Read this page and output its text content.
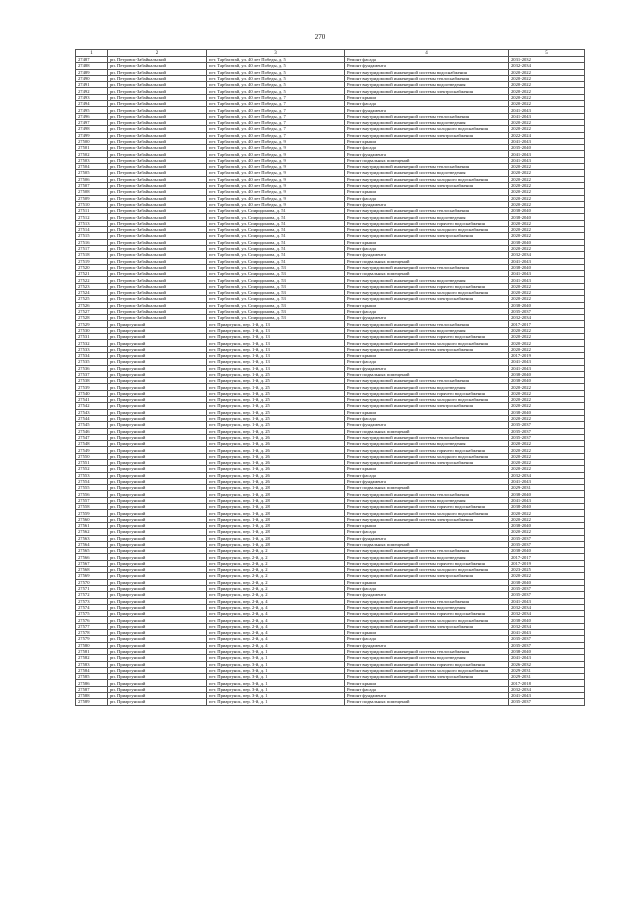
270
1	2	3	4	5
27487	рп. Петровск-Забайкальский	пгт. Тарбагатай, ул. 40 лет Победы, д. 5	Ремонт фасада	2031-2032
27488	рп. Петровск-Забайкальский	пгт. Тарбагатай, ул. 40 лет Победы, д. 5	Ремонт фундамента	2032-2034
27489	рп. Петровск-Забайкальский	пгт. Тарбагатай, ул. 40 лет Победы, д. 5	Ремонт внутридомовой инженерной системы водоснабжения	2020-2022
27490	рп. Петровск-Забайкальский	пгт. Тарбагатай, ул. 40 лет Победы, д. 5	Ремонт внутридомовой инженерной системы теплоснабжения	2020-2022
27491	рп. Петровск-Забайкальский	пгт. Тарбагатай, ул. 40 лет Победы, д. 5	Ремонт внутридомовой инженерной системы водоотведения	2020-2022
27492	рп. Петровск-Забайкальский	пгт. Тарбагатай, ул. 40 лет Победы, д. 5	Ремонт внутридомовой инженерной системы электроснабжения	2020-2022
27493	рп. Петровск-Забайкальский	пгт. Тарбагатай, ул. 40 лет Победы, д. 7	Ремонт крыши	2020-2022
27494	рп. Петровск-Забайкальский	пгт. Тарбагатай, ул. 40 лет Победы, д. 7	Ремонт фасада	2020-2022
27495	рп. Петровск-Забайкальский	пгт. Тарбагатай, ул. 40 лет Победы, д. 7	Ремонт фундамента	2041-2043
27496	рп. Петровск-Забайкальский	пгт. Тарбагатай, ул. 40 лет Победы, д. 7	Ремонт внутридомовой инженерной системы теплоснабжения	2041-2043
27497	рп. Петровск-Забайкальский	пгт. Тарбагатай, ул. 40 лет Победы, д. 7	Ремонт внутридомовой инженерной системы водоотведения	2020-2022
27498	рп. Петровск-Забайкальский	пгт. Тарбагатай, ул. 40 лет Победы, д. 7	Ремонт внутридомовой инженерной системы холодного водоснабжения	2020-2022
27499	рп. Петровск-Забайкальский	пгт. Тарбагатай, ул. 40 лет Победы, д. 7	Ремонт внутридомовой инженерной системы электроснабжения	2022-2024
27500	рп. Петровск-Забайкальский	пгт. Тарбагатай, ул. 40 лет Победы, д. 9	Ремонт крыши	2041-2043
27501	рп. Петровск-Забайкальский	пгт. Тарбагатай, ул. 40 лет Победы, д. 9	Ремонт фасада	2035-2040
27502	рп. Петровск-Забайкальский	пгт. Тарбагатай, ул. 40 лет Победы, д. 9	Ремонт фундамента	2041-2043
27503	рп. Петровск-Забайкальский	пгт. Тарбагатай, ул. 40 лет Победы, д. 9	Ремонт подвальных помещений	2041-2043
27504	рп. Петровск-Забайкальский	пгт. Тарбагатай, ул. 40 лет Победы, д. 9	Ремонт внутридомовой инженерной системы теплоснабжения	2020-2022
27505	рп. Петровск-Забайкальский	пгт. Тарбагатай, ул. 40 лет Победы, д. 9	Ремонт внутридомовой инженерной системы водоотведения	2020-2022
27506	рп. Петровск-Забайкальский	пгт. Тарбагатай, ул. 40 лет Победы, д. 9	Ремонт внутридомовой инженерной системы холодного водоснабжения	2020-2022
27507	рп. Петровск-Забайкальский	пгт. Тарбагатай, ул. 40 лет Победы, д. 9	Ремонт внутридомовой инженерной системы электроснабжения	2020-2022
27508	рп. Петровск-Забайкальский	пгт. Тарбагатай, ул. 40 лет Победы, д. 9	Ремонт крыши	2020-2022
27509	рп. Петровск-Забайкальский	пгт. Тарбагатай, ул. 40 лет Победы, д. 9	Ремонт фасада	2020-2022
27510	рп. Петровск-Забайкальский	пгт. Тарбагатай, ул. 40 лет Победы, д. 9	Ремонт фундамента	2020-2022
27511	рп. Петровск-Забайкальский	пгт. Тарбагатай, ул. Спиридонова, д. 51	Ремонт внутридомовой инженерной системы теплоснабжения	2038-2040
27512	рп. Петровск-Забайкальский	пгт. Тарбагатай, ул. Спиридонова, д. 51	Ремонт внутридомовой инженерной системы водоотведения	2038-2040
27513	рп. Петровск-Забайкальский	пгт. Тарбагатай, ул. Спиридонова, д. 51	Ремонт внутридомовой инженерной системы горячего водоснабжения	2020-2022
27514	рп. Петровск-Забайкальский	пгт. Тарбагатай, ул. Спиридонова, д. 51	Ремонт внутридомовой инженерной системы холодного водоснабжения	2020-2022
27515	рп. Петровск-Забайкальский	пгт. Тарбагатай, ул. Спиридонова, д. 51	Ремонт внутридомовой инженерной системы электроснабжения	2020-2022
27516	рп. Петровск-Забайкальский	пгт. Тарбагатай, ул. Спиридонова, д. 51	Ремонт крыши	2038-2040
27517	рп. Петровск-Забайкальский	пгт. Тарбагатай, ул. Спиридонова, д. 51	Ремонт фасада	2020-2022
27518	рп. Петровск-Забайкальский	пгт. Тарбагатай, ул. Спиридонова, д. 51	Ремонт фундамента	2032-2034
27519	рп. Петровск-Забайкальский	пгт. Тарбагатай, ул. Спиридонова, д. 51	Ремонт подвальных помещений	2041-2043
27520	рп. Петровск-Забайкальский	пгт. Тарбагатай, ул. Спиридонова, д. 53	Ремонт внутридомовой инженерной системы теплоснабжения	2038-2040
27521	рп. Петровск-Забайкальский	пгт. Тарбагатай, ул. Спиридонова, д. 53	Ремонт подвальных помещений	2041-2043
27522	рп. Петровск-Забайкальский	пгт. Тарбагатай, ул. Спиридонова, д. 53	Ремонт внутридомовой инженерной системы водоотведения	2041-2043
27523	рп. Петровск-Забайкальский	пгт. Тарбагатай, ул. Спиридонова, д. 53	Ремонт внутридомовой инженерной системы горячего водоснабжения	2020-2022
27524	рп. Петровск-Забайкальский	пгт. Тарбагатай, ул. Спиридонова, д. 53	Ремонт внутридомовой инженерной системы холодного водоснабжения	2020-2022
27525	рп. Петровск-Забайкальский	пгт. Тарбагатай, ул. Спиридонова, д. 53	Ремонт внутридомовой инженерной системы электроснабжения	2020-2022
27526	рп. Петровск-Забайкальский	пгт. Тарбагатай, ул. Спиридонова, д. 53	Ремонт крыши	2038-2040
27527	рп. Петровск-Забайкальский	пгт. Тарбагатай, ул. Спиридонова, д. 53	Ремонт фасада	2035-2037
27528	рп. Петровск-Забайкальский	пгт. Тарбагатай, ул. Спиридонова, д. 53	Ремонт фундамента	2032-2034
27529	рп. Приаргунский	пгт. Приаргунск, пер. 1-й, д. 13	Ремонт внутридомовой инженерной системы теплоснабжения	2017-2017
27530	рп. Приаргунский	пгт. Приаргунск, пер. 1-й, д. 13	Ремонт внутридомовой инженерной системы водоотведения	2020-2022
27531	рп. Приаргунский	пгт. Приаргунск, пер. 1-й, д. 13	Ремонт внутридомовой инженерной системы горячего водоснабжения	2020-2022
27532	рп. Приаргунский	пгт. Приаргунск, пер. 1-й, д. 13	Ремонт внутридомовой инженерной системы холодного водоснабжения	2020-2022
27533	рп. Приаргунский	пгт. Приаргунск, пер. 1-й, д. 13	Ремонт внутридомовой инженерной системы электроснабжения	2020-2022
27534	рп. Приаргунский	пгт. Приаргунск, пер. 1-й, д. 13	Ремонт крыши	2017-2019
27535	рп. Приаргунский	пгт. Приаргунск, пер. 1-й, д. 13	Ремонт фасада	2041-2043
27536	рп. Приаргунский	пгт. Приаргунск, пер. 1-й, д. 13	Ремонт фундамента	2041-2043
27537	рп. Приаргунский	пгт. Приаргунск, пер. 1-й, д. 25	Ремонт подвальных помещений	2038-2040
27538	рп. Приаргунский	пгт. Приаргунск, пер. 1-й, д. 25	Ремонт внутридомовой инженерной системы теплоснабжения	2038-2040
27539	рп. Приаргунский	пгт. Приаргунск, пер. 1-й, д. 25	Ремонт внутридомовой инженерной системы водоотведения	2020-2022
27540	рп. Приаргунский	пгт. Приаргунск, пер. 1-й, д. 25	Ремонт внутридомовой инженерной системы горячего водоснабжения	2020-2022
27541	рп. Приаргунский	пгт. Приаргунск, пер. 1-й, д. 25	Ремонт внутридомовой инженерной системы холодного водоснабжения	2020-2022
27542	рп. Приаргунский	пгт. Приаргунск, пер. 1-й, д. 25	Ремонт внутридомовой инженерной системы электроснабжения	2020-2022
27543	рп. Приаргунский	пгт. Приаргунск, пер. 1-й, д. 25	Ремонт крыши	2038-2040
27544	рп. Приаргунский	пгт. Приаргунск, пер. 1-й, д. 25	Ремонт фасада	2020-2022
27545	рп. Приаргунский	пгт. Приаргунск, пер. 1-й, д. 25	Ремонт фундамента	2035-2037
27546	рп. Приаргунский	пгт. Приаргунск, пер. 1-й, д. 25	Ремонт подвальных помещений	2035-2037
27547	рп. Приаргунский	пгт. Приаргунск, пер. 1-й, д. 26	Ремонт внутридомовой инженерной системы теплоснабжения	2035-2037
27548	рп. Приаргунский	пгт. Приаргунск, пер. 1-й, д. 26	Ремонт внутридомовой инженерной системы водоотведения	2020-2022
27549	рп. Приаргунский	пгт. Приаргунск, пер. 1-й, д. 26	Ремонт внутридомовой инженерной системы горячего водоснабжения	2020-2022
27550	рп. Приаргунский	пгт. Приаргунск, пер. 1-й, д. 26	Ремонт внутридомовой инженерной системы холодного водоснабжения	2020-2022
27551	рп. Приаргунский	пгт. Приаргунск, пер. 1-й, д. 26	Ремонт внутридомовой инженерной системы электроснабжения	2020-2022
27552	рп. Приаргунский	пгт. Приаргунск, пер. 1-й, д. 26	Ремонт крыши	2020-2022
27553	рп. Приаргунский	пгт. Приаргунск, пер. 1-й, д. 26	Ремонт фасада	2032-2034
27554	рп. Приаргунский	пгт. Приаргунск, пер. 1-й, д. 26	Ремонт фундамента	2041-2043
27555	рп. Приаргунский	пгт. Приаргунск, пер. 1-й, д. 28	Ремонт подвальных помещений	2029-2031
27556	рп. Приаргунский	пгт. Приаргунск, пер. 1-й, д. 28	Ремонт внутридомовой инженерной системы теплоснабжения	2038-2040
27557	рп. Приаргунский	пгт. Приаргунск, пер. 1-й, д. 28	Ремонт внутридомовой инженерной системы водоотведения	2041-2043
27558	рп. Приаргунский	пгт. Приаргунск, пер. 1-й, д. 28	Ремонт внутридомовой инженерной системы горячего водоснабжения	2038-2040
27559	рп. Приаргунский	пгт. Приаргунск, пер. 1-й, д. 28	Ремонт внутридомовой инженерной системы холодного водоснабжения	2020-2022
27560	рп. Приаргунский	пгт. Приаргунск, пер. 1-й, д. 28	Ремонт внутридомовой инженерной системы электроснабжения	2020-2022
27561	рп. Приаргунский	пгт. Приаргунск, пер. 1-й, д. 28	Ремонт крыши	2038-2040
27562	рп. Приаргунский	пгт. Приаргунск, пер. 1-й, д. 28	Ремонт фасада	2020-2022
27563	рп. Приаргунский	пгт. Приаргунск, пер. 1-й, д. 28	Ремонт фундамента	2035-2037
27564	рп. Приаргунский	пгт. Приаргунск, пер. 1-й, д. 28	Ремонт подвальных помещений	2035-2037
27565	рп. Приаргунский	пгт. Приаргунск, пер. 2-й, д. 2	Ремонт внутридомовой инженерной системы теплоснабжения	2038-2040
27566	рп. Приаргунский	пгт. Приаргунск, пер. 2-й, д. 2	Ремонт внутридомовой инженерной системы водоотведения	2017-2017
27567	рп. Приаргунский	пгт. Приаргунск, пер. 2-й, д. 2	Ремонт внутридомовой инженерной системы горячего водоснабжения	2017-2019
27568	рп. Приаргунский	пгт. Приаргунск, пер. 2-й, д. 2	Ремонт внутридомовой инженерной системы холодного водоснабжения	2023-2025
27569	рп. Приаргунский	пгт. Приаргунск, пер. 2-й, д. 2	Ремонт внутридомовой инженерной системы электроснабжения	2020-2022
27570	рп. Приаргунский	пгт. Приаргунск, пер. 2-й, д. 2	Ремонт крыши	2038-2040
27571	рп. Приаргунский	пгт. Приаргунск, пер. 2-й, д. 2	Ремонт фасада	2035-2037
27572	рп. Приаргунский	пгт. Приаргунск, пер. 2-й, д. 2	Ремонт фундамента	2035-2037
27573	рп. Приаргунский	пгт. Приаргунск, пер. 2-й, д. 4	Ремонт внутридомовой инженерной системы теплоснабжения	2041-2043
27574	рп. Приаргунский	пгт. Приаргунск, пер. 2-й, д. 4	Ремонт внутридомовой инженерной системы водоотведения	2032-2034
27575	рп. Приаргунский	пгт. Приаргунск, пер. 2-й, д. 4	Ремонт внутридомовой инженерной системы горячего водоснабжения	2032-2034
27576	рп. Приаргунский	пгт. Приаргунск, пер. 2-й, д. 4	Ремонт внутридомовой инженерной системы холодного водоснабжения	2038-2040
27577	рп. Приаргунский	пгт. Приаргунск, пер. 2-й, д. 4	Ремонт внутридомовой инженерной системы электроснабжения	2032-2034
27578	рп. Приаргунский	пгт. Приаргунск, пер. 2-й, д. 4	Ремонт крыши	2041-2043
27579	рп. Приаргунский	пгт. Приаргунск, пер. 2-й, д. 4	Ремонт фасада	2035-2037
27580	рп. Приаргунский	пгт. Приаргунск, пер. 2-й, д. 4	Ремонт фундамента	2035-2037
27581	рп. Приаргунский	пгт. Приаргунск, пер. 3-й, д. 1	Ремонт внутридомовой инженерной системы теплоснабжения	2038-2040
27582	рп. Приаргунский	пгт. Приаргунск, пер. 3-й, д. 1	Ремонт внутридомовой инженерной системы водоотведения	2041-2043
27583	рп. Приаргунский	пгт. Приаргунск, пер. 3-й, д. 1	Ремонт внутридомовой инженерной системы горячего водоснабжения	2026-2032
27584	рп. Приаргунский	пгт. Приаргунск, пер. 3-й, д. 1	Ремонт внутридомовой инженерной системы холодного водоснабжения	2029-2031
27585	рп. Приаргунский	пгт. Приаргунск, пер. 3-й, д. 1	Ремонт внутридомовой инженерной системы электроснабжения	2029-2031
27586	рп. Приаргунский	пгт. Приаргунск, пер. 3-й, д. 1	Ремонт крыши	2017-2018
27587	рп. Приаргунский	пгт. Приаргунск, пер. 3-й, д. 1	Ремонт фасада	2032-2034
27588	рп. Приаргунский	пгт. Приаргунск, пер. 3-й, д. 1	Ремонт фундамента	2041-2043
27589	рп. Приаргунский	пгт. Приаргунск, пер. 3-й, д. 1	Ремонт подвальных помещений	2035-2037
